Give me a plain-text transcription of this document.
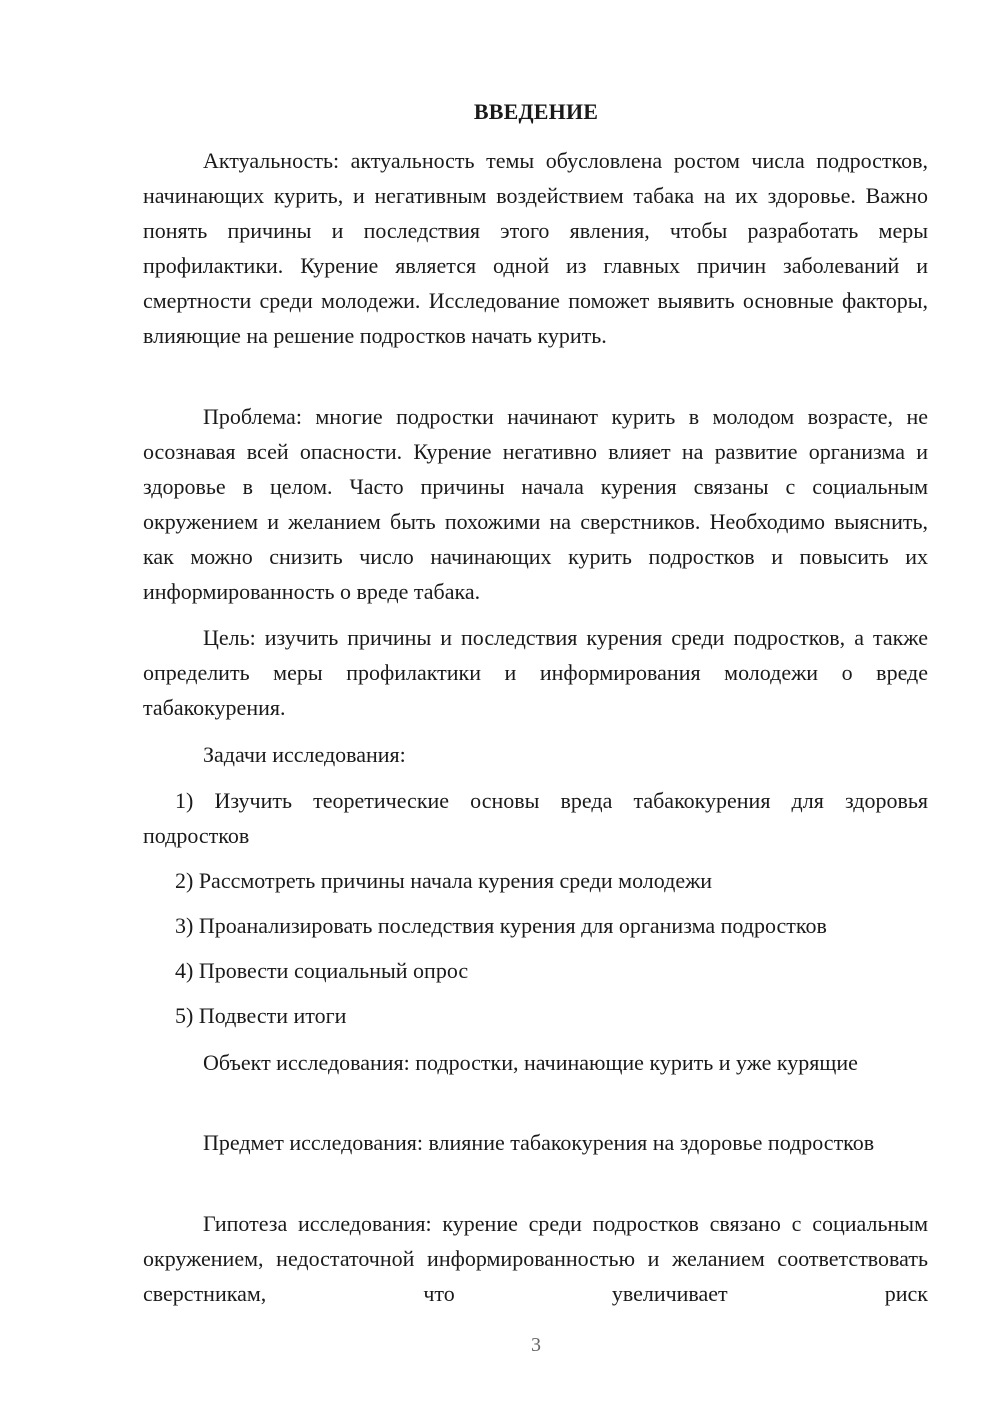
ВВЕДЕНИЕ

Актуальность: актуальность темы обусловлена ростом числа подростков, начинающих курить, и негативным воздействием табака на их здоровье. Важно понять причины и последствия этого явления, чтобы разработать меры профилактики. Курение является одной из главных причин заболеваний и смертности среди молодежи. Исследование поможет выявить основные факторы, влияющие на решение подростков начать курить.

Проблема: многие подростки начинают курить в молодом возрасте, не осознавая всей опасности. Курение негативно влияет на развитие организма и здоровье в целом. Часто причины начала курения связаны с социальным окружением и желанием быть похожими на сверстников. Необходимо выяснить, как можно снизить число начинающих курить подростков и повысить их информированность о вреде табака.

Цель: изучить причины и последствия курения среди подростков, а также определить меры профилактики и информирования молодежи о вреде табакокурения.

Задачи исследования:

1) Изучить теоретические основы вреда табакокурения для здоровья подростков

2) Рассмотреть причины начала курения среди молодежи

3) Проанализировать последствия курения для организма подростков

4) Провести социальный опрос

5) Подвести итоги

Объект исследования: подростки, начинающие курить и уже курящие

Предмет исследования: влияние табакокурения на здоровье подростков

Гипотеза исследования: курение среди подростков связано с социальным окружением, недостаточной информированностью и желанием соответствовать сверстникам, что увеличивает риск

3
